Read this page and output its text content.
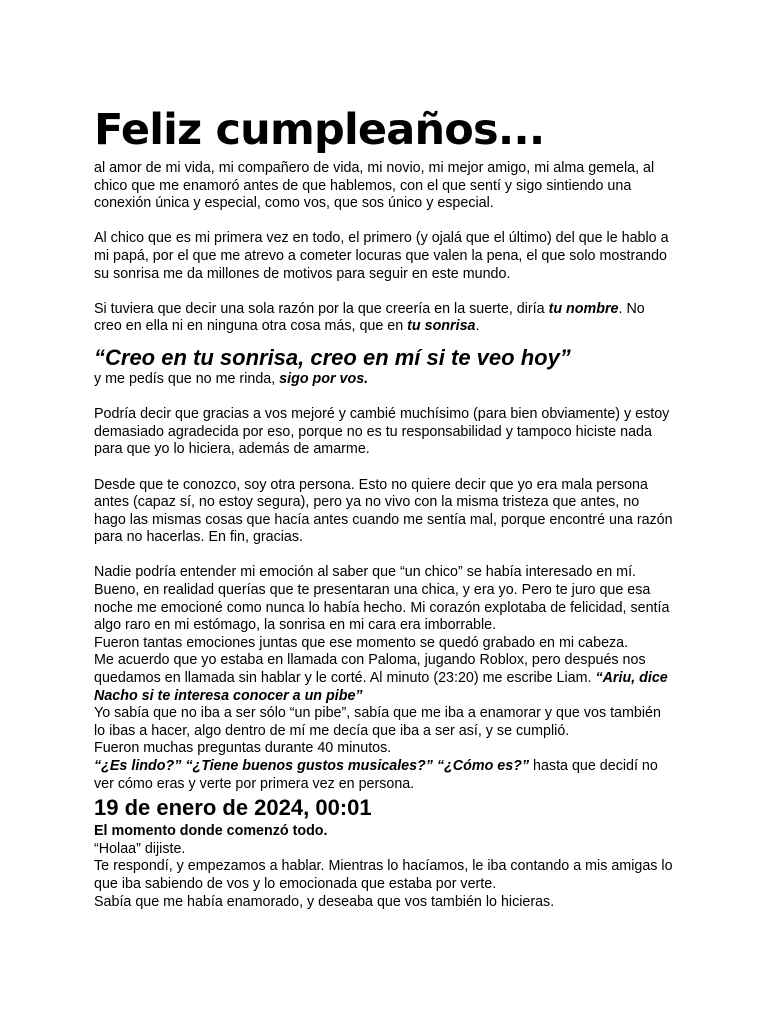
Feliz cumpleaños...

al amor de mi vida, mi compañero de vida, mi novio, mi mejor amigo, mi alma gemela, al chico que me enamoró antes de que hablemos, con el que sentí y sigo sintiendo una conexión única y especial, como vos, que sos único y especial.

Al chico que es mi primera vez en todo, el primero (y ojalá que el último) del que le hablo a mi papá, por el que me atrevo a cometer locuras que valen la pena, el que solo mostrando su sonrisa me da millones de motivos para seguir en este mundo.

Si tuviera que decir una sola razón por la que creería en la suerte, diría tu nombre. No creo en ella ni en ninguna otra cosa más, que en tu sonrisa.

“Creo en tu sonrisa, creo en mí si te veo hoy”

y me pedís que no me rinda, sigo por vos.

Podría decir que gracias a vos mejoré y cambié muchísimo (para bien obviamente) y estoy demasiado agradecida por eso, porque no es tu responsabilidad y tampoco hiciste nada para que yo lo hiciera, además de amarme.

Desde que te conozco, soy otra persona. Esto no quiere decir que yo era mala persona antes (capaz sí, no estoy segura), pero ya no vivo con la misma tristeza que antes, no hago las mismas cosas que hacía antes cuando me sentía mal, porque encontré una razón para no hacerlas. En fin, gracias.

Nadie podría entender mi emoción al saber que “un chico” se había interesado en mí. Bueno, en realidad querías que te presentaran una chica, y era yo. Pero te juro que esa noche me emocioné como nunca lo había hecho. Mi corazón explotaba de felicidad, sentía algo raro en mi estómago, la sonrisa en mi cara era imborrable.

Fueron tantas emociones juntas que ese momento se quedó grabado en mi cabeza.

Me acuerdo que yo estaba en llamada con Paloma, jugando Roblox, pero después nos quedamos en llamada sin hablar y le corté. Al minuto (23:20) me escribe Liam. “Ariu, dice Nacho si te interesa conocer a un pibe”

Yo sabía que no iba a ser sólo “un pibe”, sabía que me iba a enamorar y que vos también lo ibas a hacer, algo dentro de mí me decía que iba a ser así, y se cumplió.

Fueron muchas preguntas durante 40 minutos.

“¿Es lindo?” “¿Tiene buenos gustos musicales?” “¿Cómo es?” hasta que decidí no ver cómo eras y verte por primera vez en persona.

19 de enero de 2024, 00:01

El momento donde comenzó todo.

“Holaa” dijiste.

Te respondí, y empezamos a hablar. Mientras lo hacíamos, le iba contando a mis amigas lo que iba sabiendo de vos y lo emocionada que estaba por verte.

Sabía que me había enamorado, y deseaba que vos también lo hicieras.
